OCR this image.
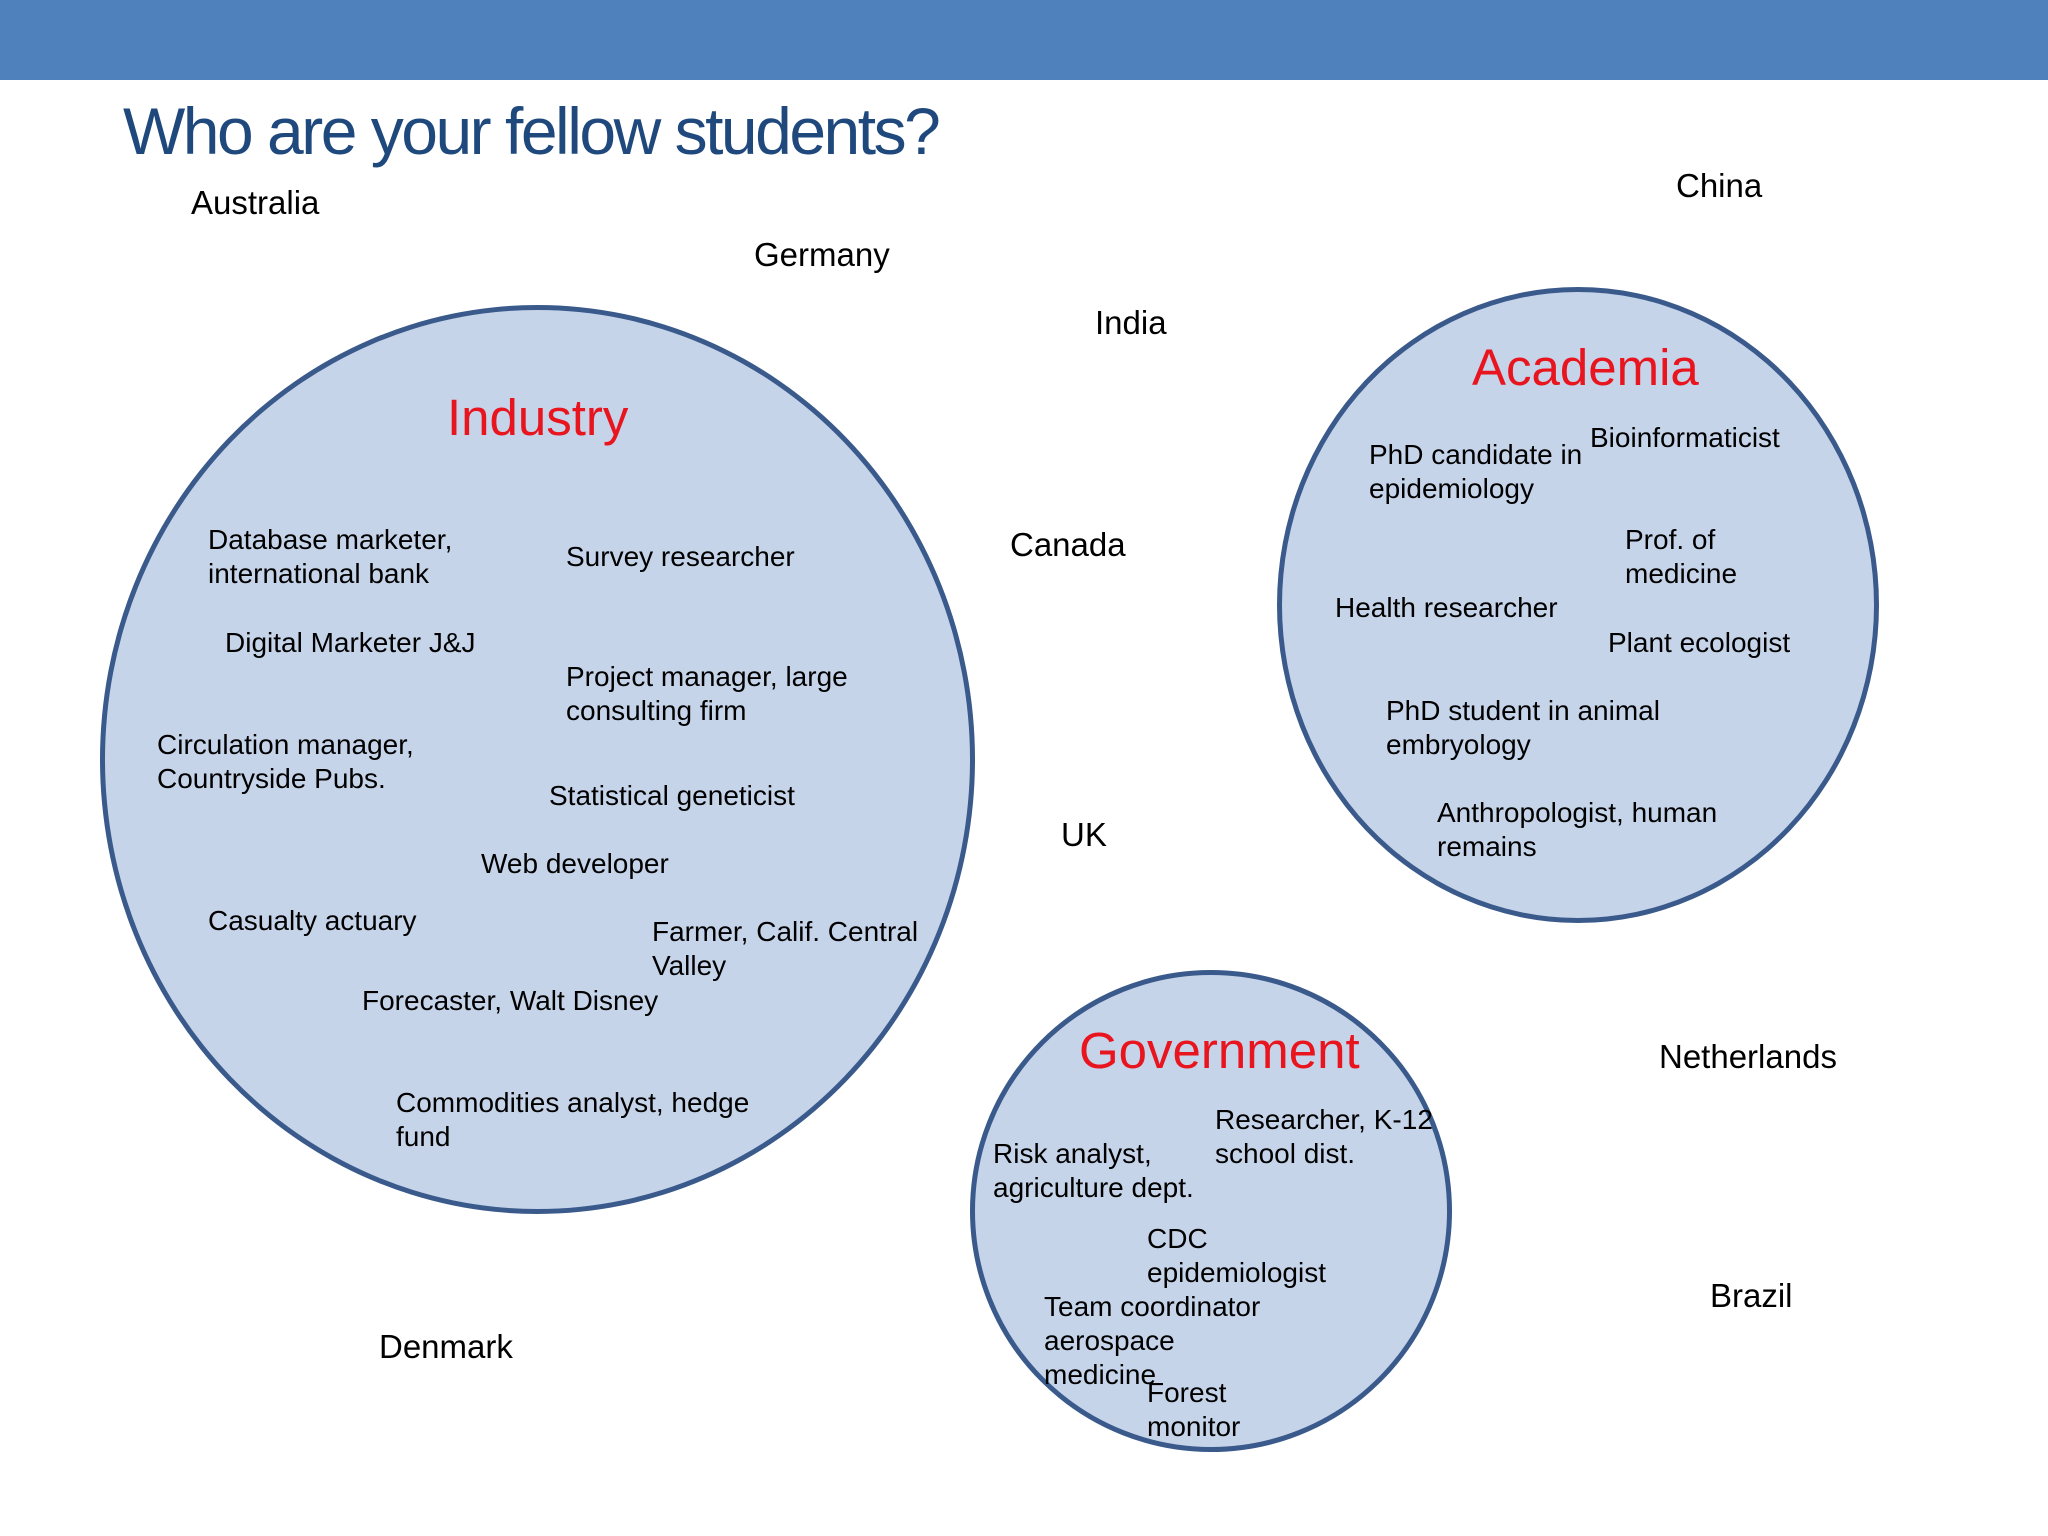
Who are your fellow students?
Australia
Germany
India
China
Canada
UK
Netherlands
Brazil
Denmark
Industry
Database marketer,
international bank
Survey researcher
Digital Marketer J&J
Project manager, large
consulting firm
Circulation manager,
Countryside Pubs.
Statistical geneticist
Web developer
Casualty actuary	Farmer, Calif. Central
Valley
Forecaster, Walt Disney
Commodities analyst, hedge
fund
Academia
PhD candidate in
epidemiology
Bioinformaticist
Prof. of
medicine
Health researcher
Plant ecologist
PhD student in animal
embryology
Anthropologist, human
remains
Government
Researcher, K-12
school dist.
Risk analyst,
agriculture dept.
CDC
epidemiologist
Team coordinator
aerospace
medicine
Forest
monitor
